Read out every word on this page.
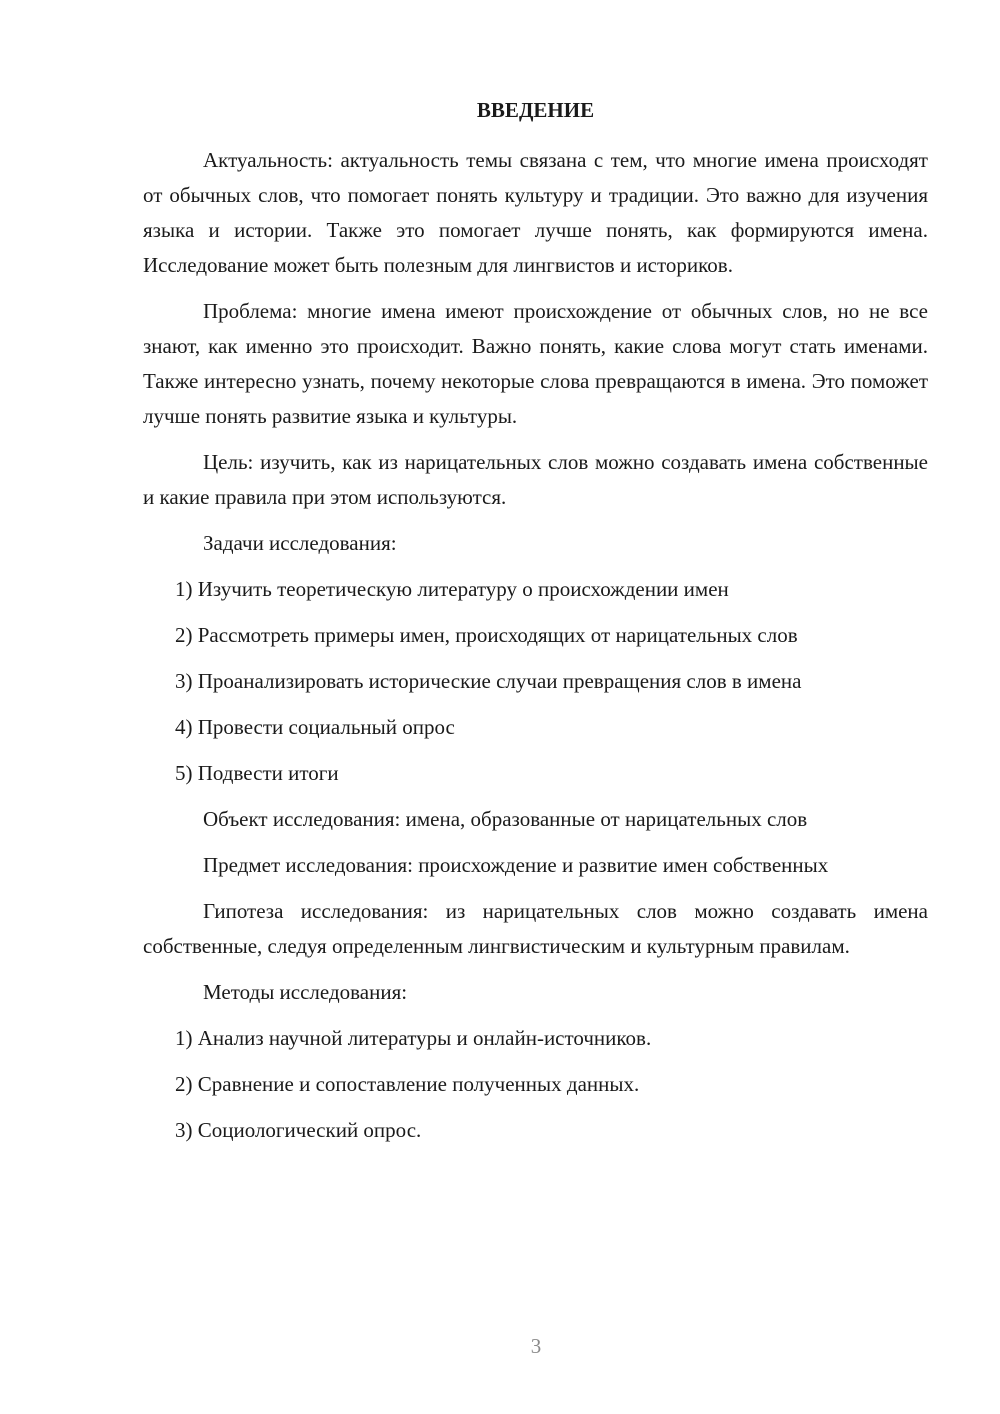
ВВЕДЕНИЕ

Актуальность: актуальность темы связана с тем, что многие имена происходят от обычных слов, что помогает понять культуру и традиции. Это важно для изучения языка и истории. Также это помогает лучше понять, как формируются имена. Исследование может быть полезным для лингвистов и историков.

Проблема: многие имена имеют происхождение от обычных слов, но не все знают, как именно это происходит. Важно понять, какие слова могут стать именами. Также интересно узнать, почему некоторые слова превращаются в имена. Это поможет лучше понять развитие языка и культуры.

Цель: изучить, как из нарицательных слов можно создавать имена собственные и какие правила при этом используются.

Задачи исследования:
1) Изучить теоретическую литературу о происхождении имен
2) Рассмотреть примеры имен, происходящих от нарицательных слов
3) Проанализировать исторические случаи превращения слов в имена
4) Провести социальный опрос
5) Подвести итоги
Объект исследования: имена, образованные от нарицательных слов

Предмет исследования: происхождение и развитие имен собственных

Гипотеза исследования: из нарицательных слов можно создавать имена собственные, следуя определенным лингвистическим и культурным правилам.

Методы исследования:
1) Анализ научной литературы и онлайн-источников.
2) Сравнение и сопоставление полученных данных.
3) Социологический опрос.
3
